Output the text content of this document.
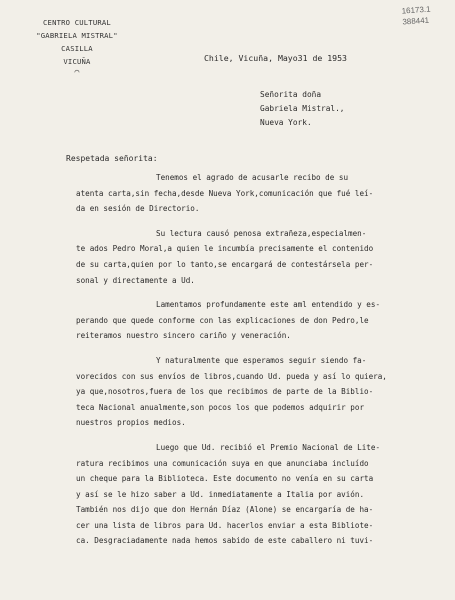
CENTRO CULTURAL
"GABRIELA MISTRAL"
CASILLA
VICUÑA
⌒
16173.1
388441
Chile, Vicuña, Mayo31 de 1953
Señorita doña
Gabriela Mistral.,
Nueva York.
Respetada señorita:
Tenemos el agrado de acusarle recibo de su
atenta carta,sin fecha,desde Nueva York,comunicación que fué leí-
da en sesión de Directorio.
Su lectura causó penosa extrañeza,especialmen-
te ados Pedro Moral,a quien le incumbía precisamente el contenido
de su carta,quien por lo tanto,se encargará de contestársela per-
sonal y directamente a Ud.
Lamentamos profundamente este aml entendido y es-
perando que quede conforme con las explicaciones de don Pedro,le
reiteramos nuestro sincero cariño y veneración.
Y naturalmente que esperamos seguir siendo fa-
vorecidos con sus envíos de libros,cuando Ud. pueda y así lo quiera,
ya que,nosotros,fuera de los que recibimos de parte de la Biblio-
teca Nacional anualmente,son pocos los que podemos adquirir por
nuestros propios medios.
Luego que Ud. recibió el Premio Nacional de Lite-
ratura recibimos una comunicación suya en que anunciaba incluído
un cheque para la Biblioteca. Este documento no venía en su carta
y así se le hizo saber a Ud. inmediatamente a Italia por avión.
También nos dijo que don Hernán Díaz (Alone) se encargaría de ha-
cer una lista de libros para Ud. hacerlos enviar a esta Bibliote-
ca. Desgraciadamente nada hemos sabido de este caballero ni tuvi-
